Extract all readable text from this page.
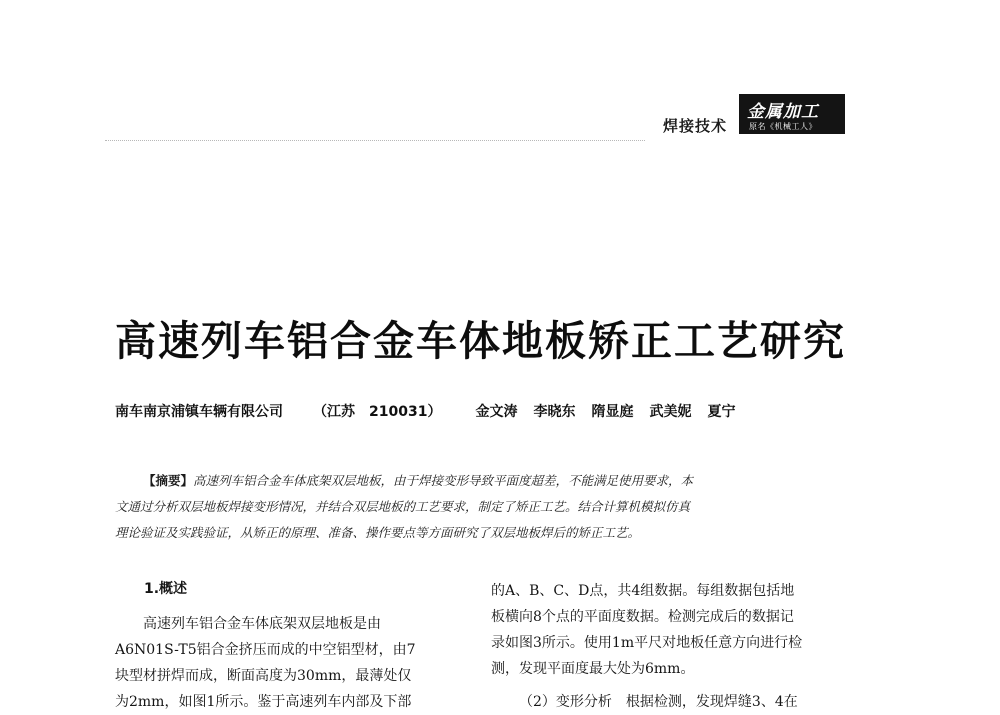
焊接技术
金属加工
原名《机械工人》
高速列车铝合金车体地板矫正工艺研究
南车南京浦镇车辆有限公司 （江苏　210031） 金文涛 李晓东 隋显庭 武美妮 夏宁
【摘要】高速列车铝合金车体底架双层地板，由于焊接变形导致平面度超差，不能满足使用要求，本
文通过分析双层地板焊接变形情况，并结合双层地板的工艺要求，制定了矫正工艺。结合计算机模拟仿真
理论验证及实践验证，从矫正的原理、准备、操作要点等方面研究了双层地板焊后的矫正工艺。
1.概述
高速列车铝合金车体底架双层地板是由
A6N01S-T5铝合金挤压而成的中空铝型材，由7
块型材拼焊而成，断面高度为30mm，最薄处仅
为2mm，如图1所示。鉴于高速列车内部及下部
的A、B、C、D点，共4组数据。每组数据包括地
板横向8个点的平面度数据。检测完成后的数据记
录如图3所示。使用1m平尺对地板任意方向进行检
测，发现平面度最大处为6mm。
（2）变形分析　根据检测，发现焊缝3、4在
